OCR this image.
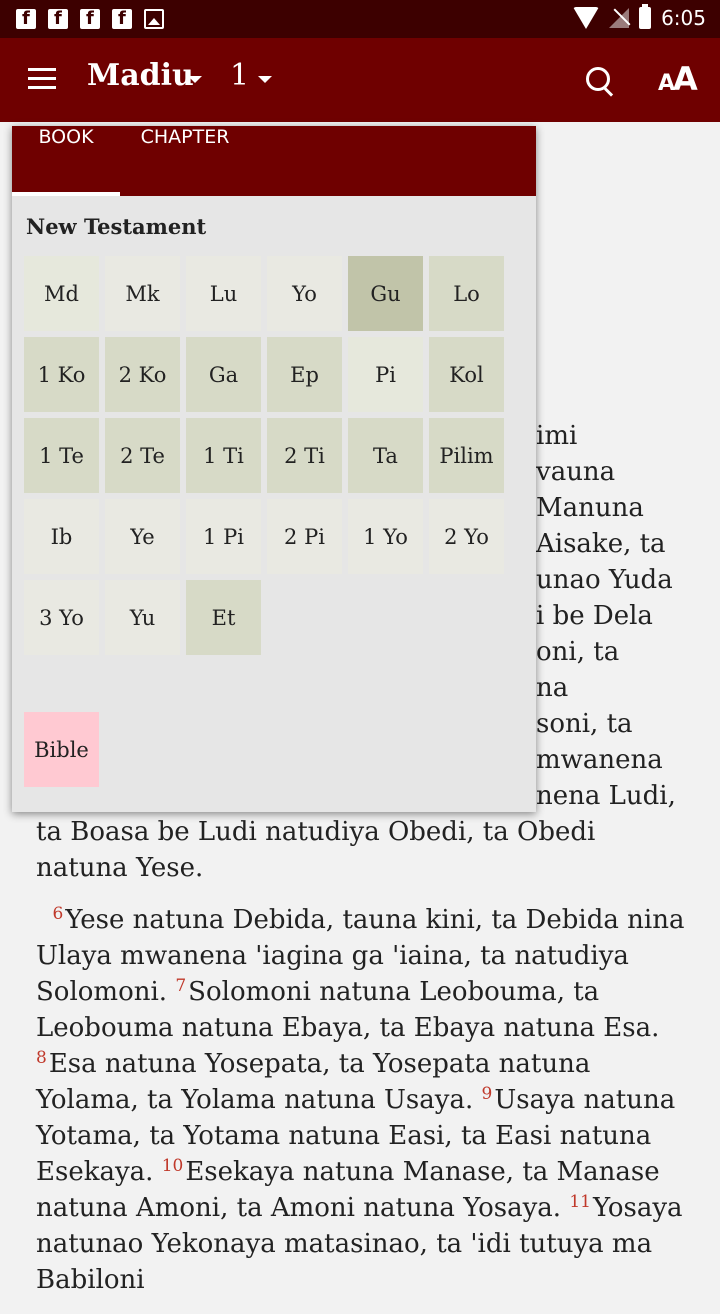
f
f
f
f
6:05
Madiu 1	AA
imi
vauna
Manuna
Aisake, ta
unao Yuda
i be Dela
oni, ta
na
soni, ta
mwanena
nena Ludi,

ta Boasa be Ludi natudiya Obedi, ta Obedi natuna Yese.

$^6$Yese natuna Debida, tauna kini, ta Debida nina Ulaya mwanena 'iagina ga 'iaina, ta natudiya Solomoni. $^7$Solomoni natuna Leobouma, ta Leobouma natuna Ebaya, ta Ebaya natuna Esa. $^8$Esa natuna Yosepata, ta Yosepata natuna Yolama, ta Yolama natuna Usaya. $^9$Usaya natuna Yotama, ta Yotama natuna Easi, ta Easi natuna Esekaya. $^{10}$Esekaya natuna Manase, ta Manase natuna Amoni, ta Amoni natuna Yosaya. $^{11}$Yosaya natunao Yekonaya matasinao, ta 'idi tutuya ma Babiloni

BOOK	CHAPTER
New Testament
Md	Mk	Lu	Yo	Gu	Lo
1 Ko	2 Ko	Ga	Ep	Pi	Kol
1 Te	2 Te	1 Ti	2 Ti	Ta	Pilim
Ib	Ye	1 Pi	2 Pi	1 Yo	2 Yo
3 Yo	Yu	Et
Bible
